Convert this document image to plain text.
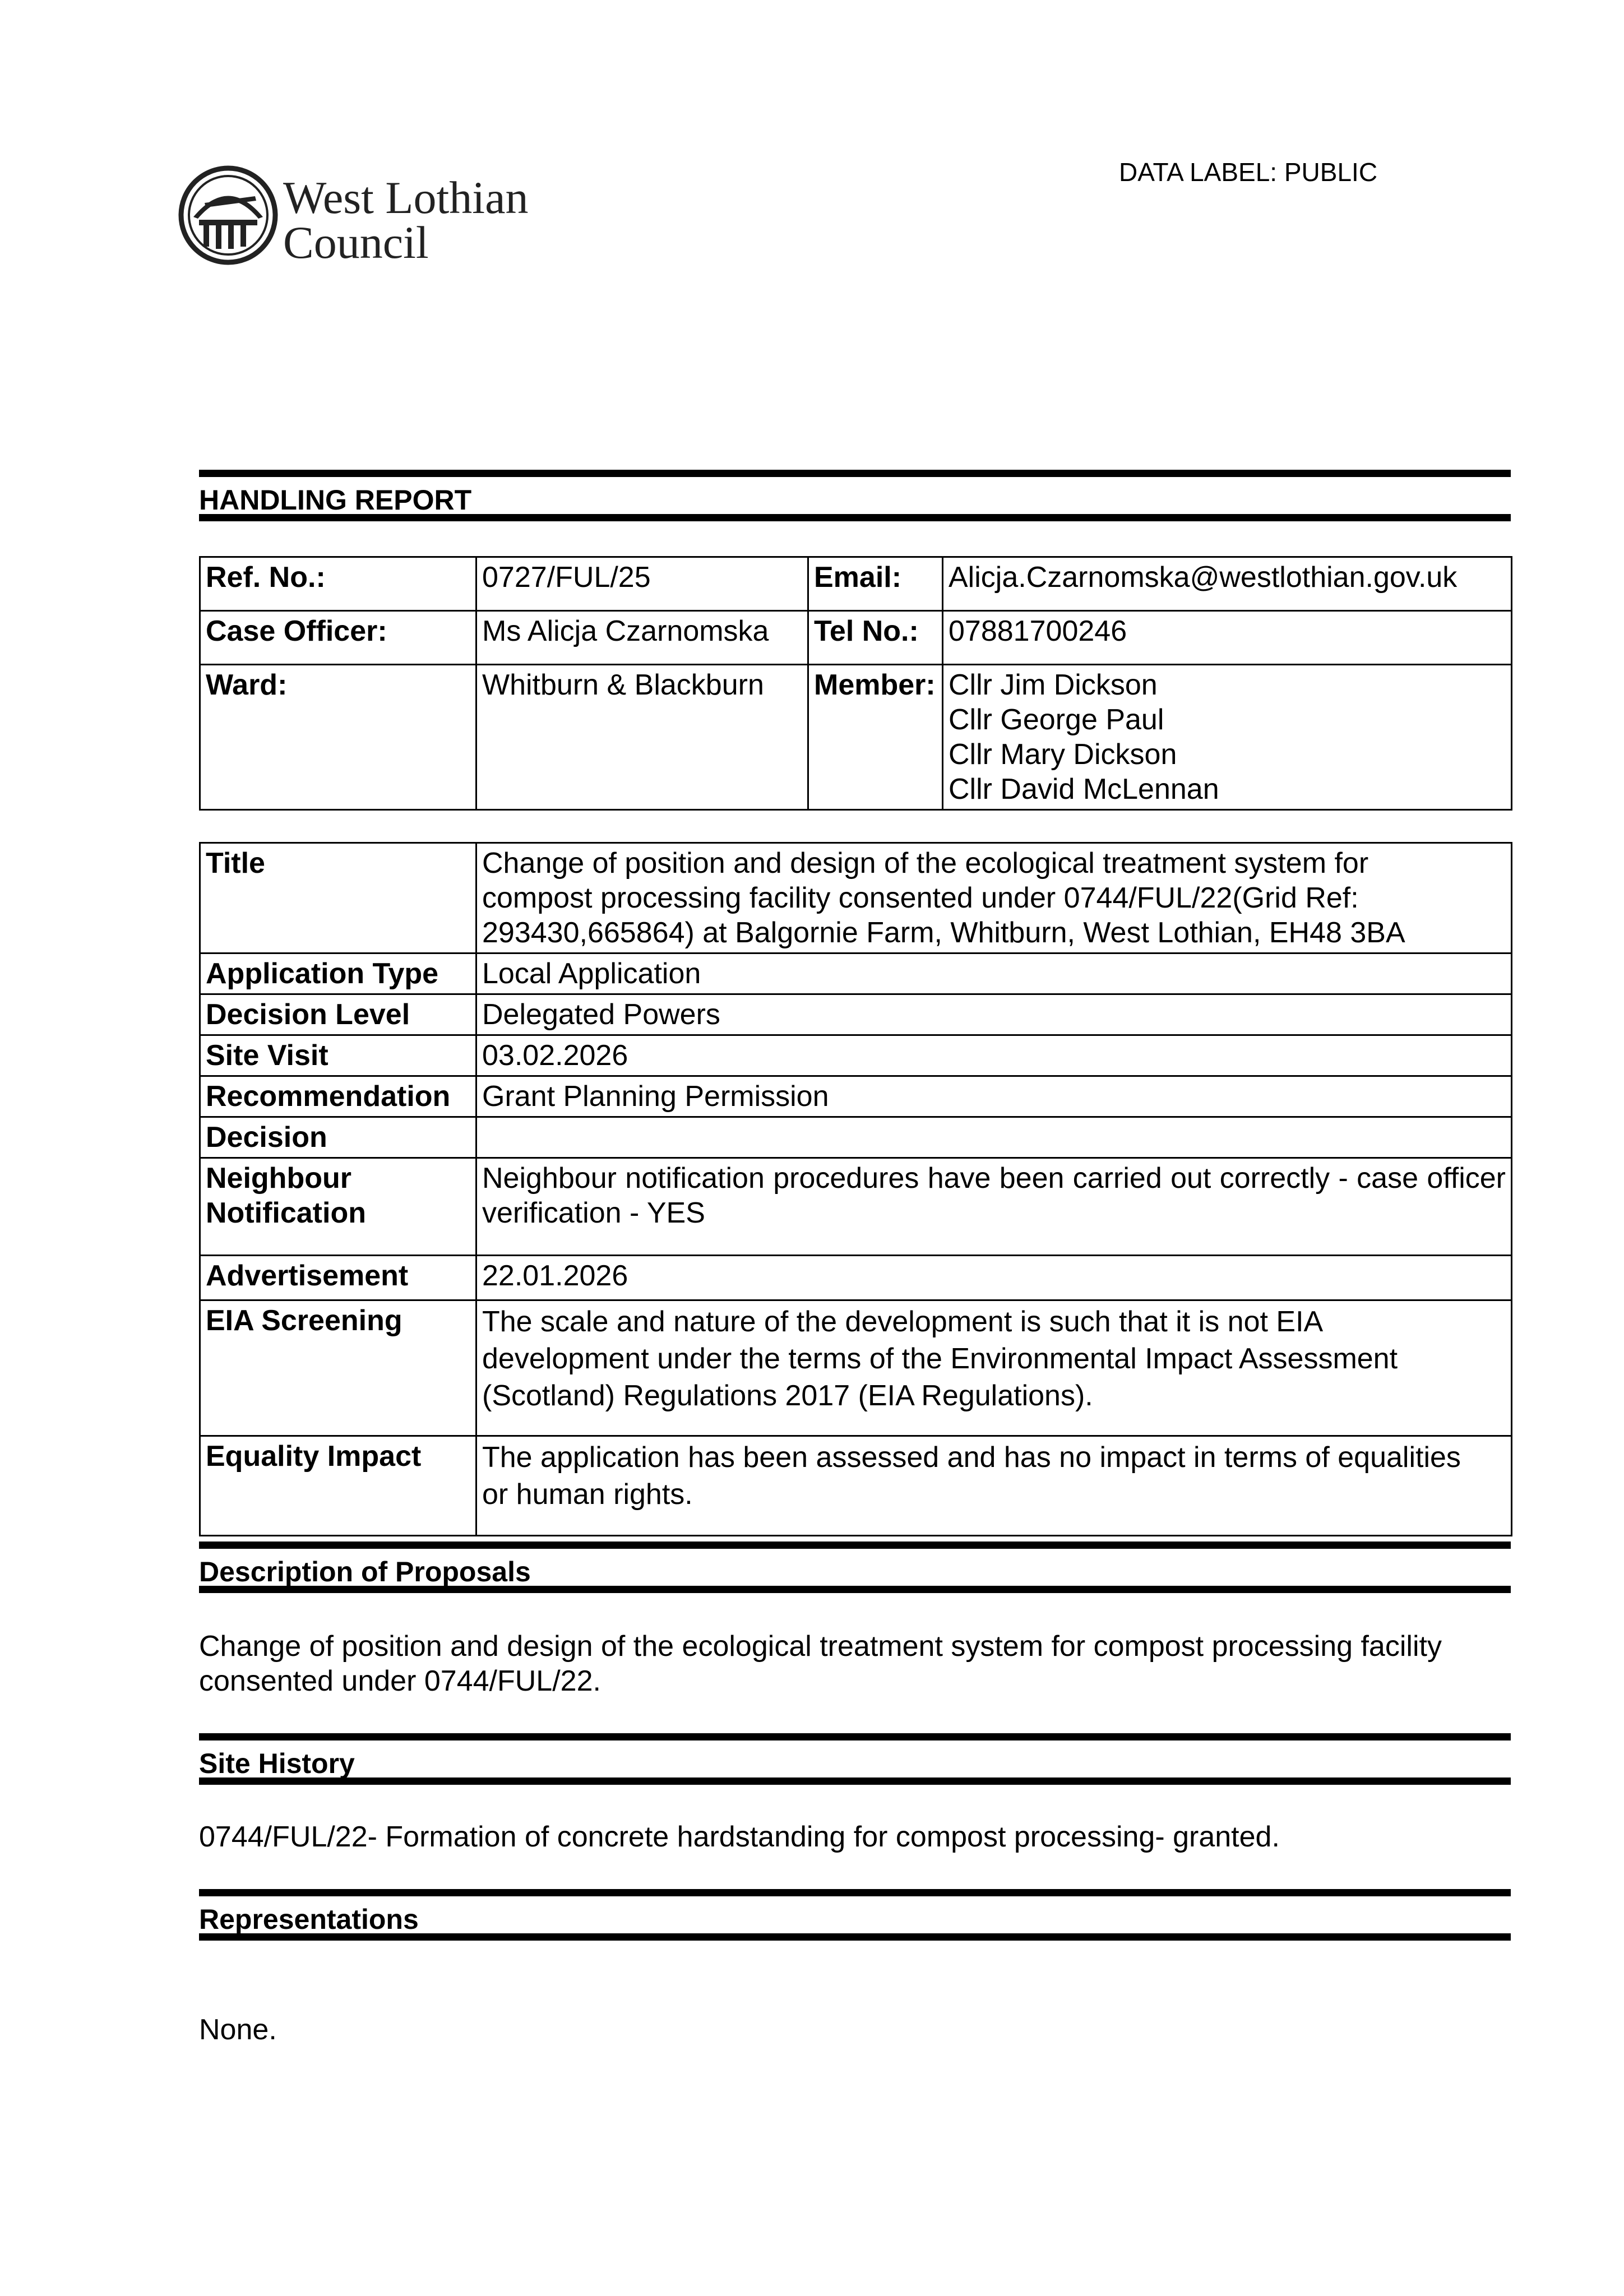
West Lothian
Council
DATA LABEL: PUBLIC
HANDLING REPORT
Ref. No.:	0727/FUL/25	Email:	Alicja.Czarnomska@westlothian.gov.uk
Case Officer:	Ms Alicja Czarnomska	Tel No.:	07881700246
Ward:	Whitburn & Blackburn	Member:	Cllr Jim Dickson
Cllr George Paul
Cllr Mary Dickson
Cllr David McLennan
Title	Change of position and design of the ecological treatment system for
compost processing facility consented under 0744/FUL/22(Grid Ref:
293430,665864) at Balgornie Farm, Whitburn, West Lothian, EH48 3BA

Application Type	Local Application
Decision Level	Delegated Powers
Site Visit	03.02.2026
Recommendation	Grant Planning Permission
Decision	

Neighbour
Notification	Neighbour notification procedures have been carried out correctly - case officer verification - YES
Advertisement	22.01.2026
EIA Screening	The scale and nature of the development is such that it is not EIA
development under the terms of the Environmental Impact Assessment
(Scotland) Regulations 2017 (EIA Regulations).

Equality Impact	The application has been assessed and has no impact in terms of equalities
or human rights.
Description of Proposals
Change of position and design of the ecological treatment system for compost processing facility
consented under 0744/FUL/22.
Site History
0744/FUL/22- Formation of concrete hardstanding for compost processing- granted.
Representations
None.
